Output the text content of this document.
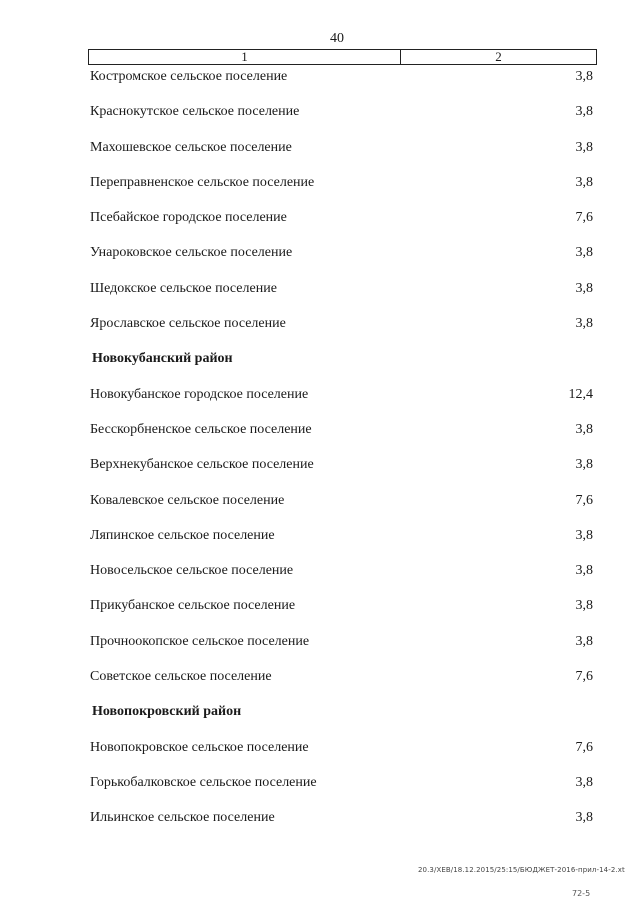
40
1	2
Костромское сельское поселение	3,8
Краснокутское сельское поселение	3,8
Махошевское сельское поселение	3,8
Переправненское сельское поселение	3,8
Псебайское городское поселение	7,6
Унароковское сельское поселение	3,8
Шедокское сельское поселение	3,8
Ярославское сельское поселение	3,8
Новокубанский район
Новокубанское городское поселение	12,4
Бесскорбненское сельское поселение	3,8
Верхнекубанское сельское поселение	3,8
Ковалевское сельское поселение	7,6
Ляпинское сельское поселение	3,8
Новосельское сельское поселение	3,8
Прикубанское сельское поселение	3,8
Прочноокопское сельское поселение	3,8
Советское сельское поселение	7,6
Новопокровский район
Новопокровское сельское поселение	7,6
Горькобалковское сельское поселение	3,8
Ильинское сельское поселение	3,8
20.3/ХЕВ/18.12.2015/25:15/БЮДЖЕТ-2016-прил-14-2.xt
72-5
